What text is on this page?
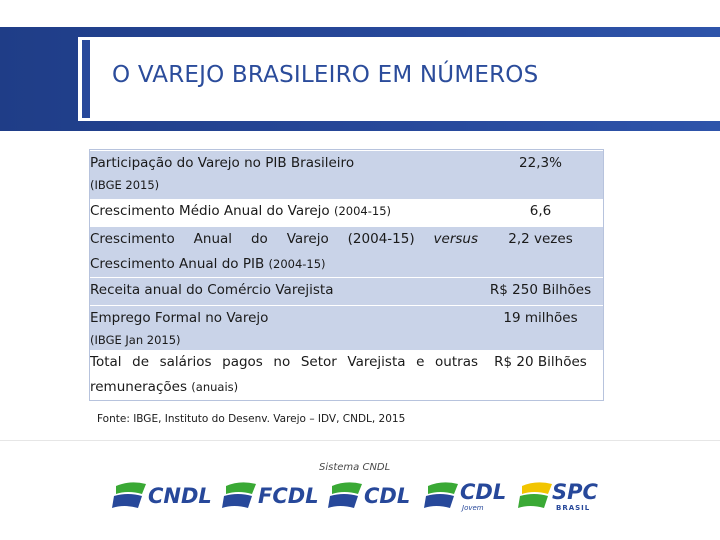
O VAREJO BRASILEIRO EM NÚMEROS
Participação do Varejo no PIB Brasileiro
(IBGE 2015)	22,3%
Crescimento Médio Anual do Varejo (2004-15)	6,6

Crescimento Anual do Varejo (2004-15) versus
Crescimento Anual do PIB (2004-15)	2,2 vezes
Receita anual do Comércio Varejista	R$ 250 Bilhões
Emprego Formal no Varejo
(IBGE Jan 2015)	19 milhões

Total de salários pagos no Setor Varejista e outras
remunerações (anuais)	R$ 20 Bilhões
Fonte: IBGE, Instituto do Desenv. Varejo – IDV, CNDL, 2015
Sistema CNDL
CNDL FCDL CDL CDL
Jovem
SPC
BRASIL
